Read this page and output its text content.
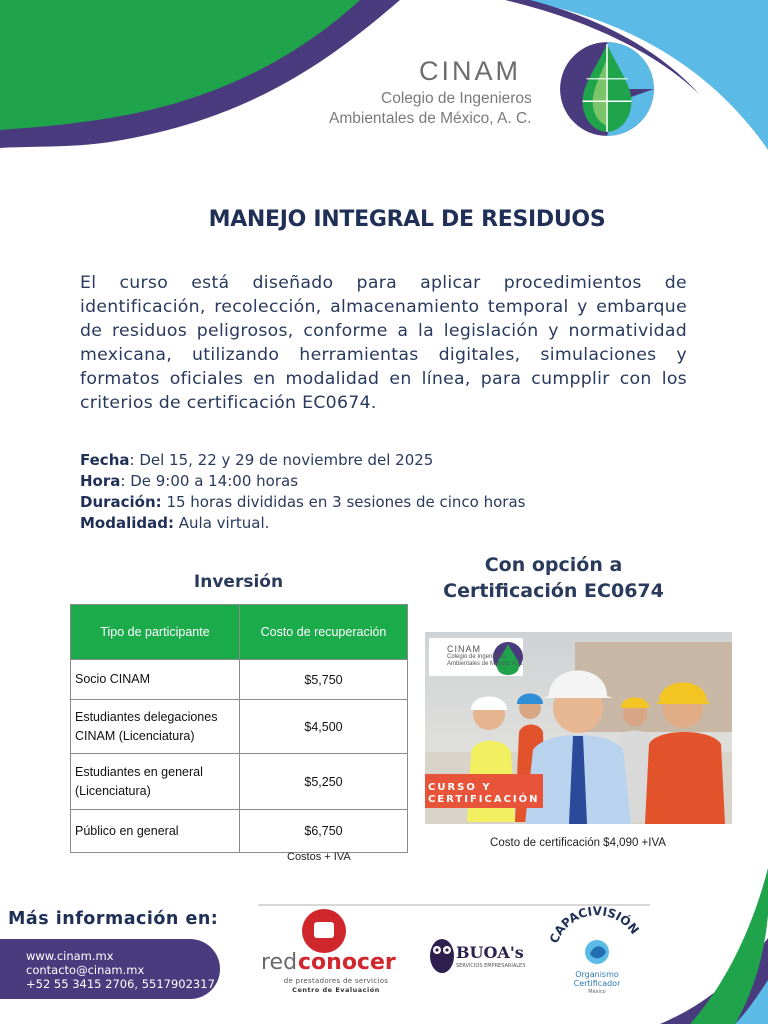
CINAM
Colegio de Ingenieros
Ambientales de México, A. C.
MANEJO INTEGRAL DE RESIDUOS
El curso está diseñado para aplicar procedimientos de identificación, recolección, almacenamiento temporal y embarque de residuos peligrosos, conforme a la legislación y normatividad mexicana, utilizando herramientas digitales, simulaciones y formatos oficiales en modalidad en línea, para cumpplir con los criterios de certificación EC0674.
Fecha: Del 15, 22 y 29 de noviembre del 2025
Hora: De 9:00 a 14:00 horas
Duración: 15 horas divididas en 3 sesiones de cinco horas
Modalidad: Aula virtual.
Inversión
Tipo de participante	Costo de recuperación
Socio CINAM	$5,750
Estudiantes delegaciones CINAM (Licenciatura)	$4,500
Estudiantes en general (Licenciatura)	$5,250
Público en general	$6,750
Costos + IVA
Con opción a
Certificación EC0674
CINAM
Colegio de Ingenieros
Ambientales de México, A.C.
CURSO Y
CERTIFICACIÓN
Costo de certificación $4,090 +IVA
Más información en:
www.cinam.mx
contacto@cinam.mx
+52 55 3415 2706, 5517902317
red conocer
de prestadores de servicios
Centro de Evaluación
BUOA's
SERVICIOS EMPRESARIALES
CAPACIVISIÓN
Organismo
Certificador
México
